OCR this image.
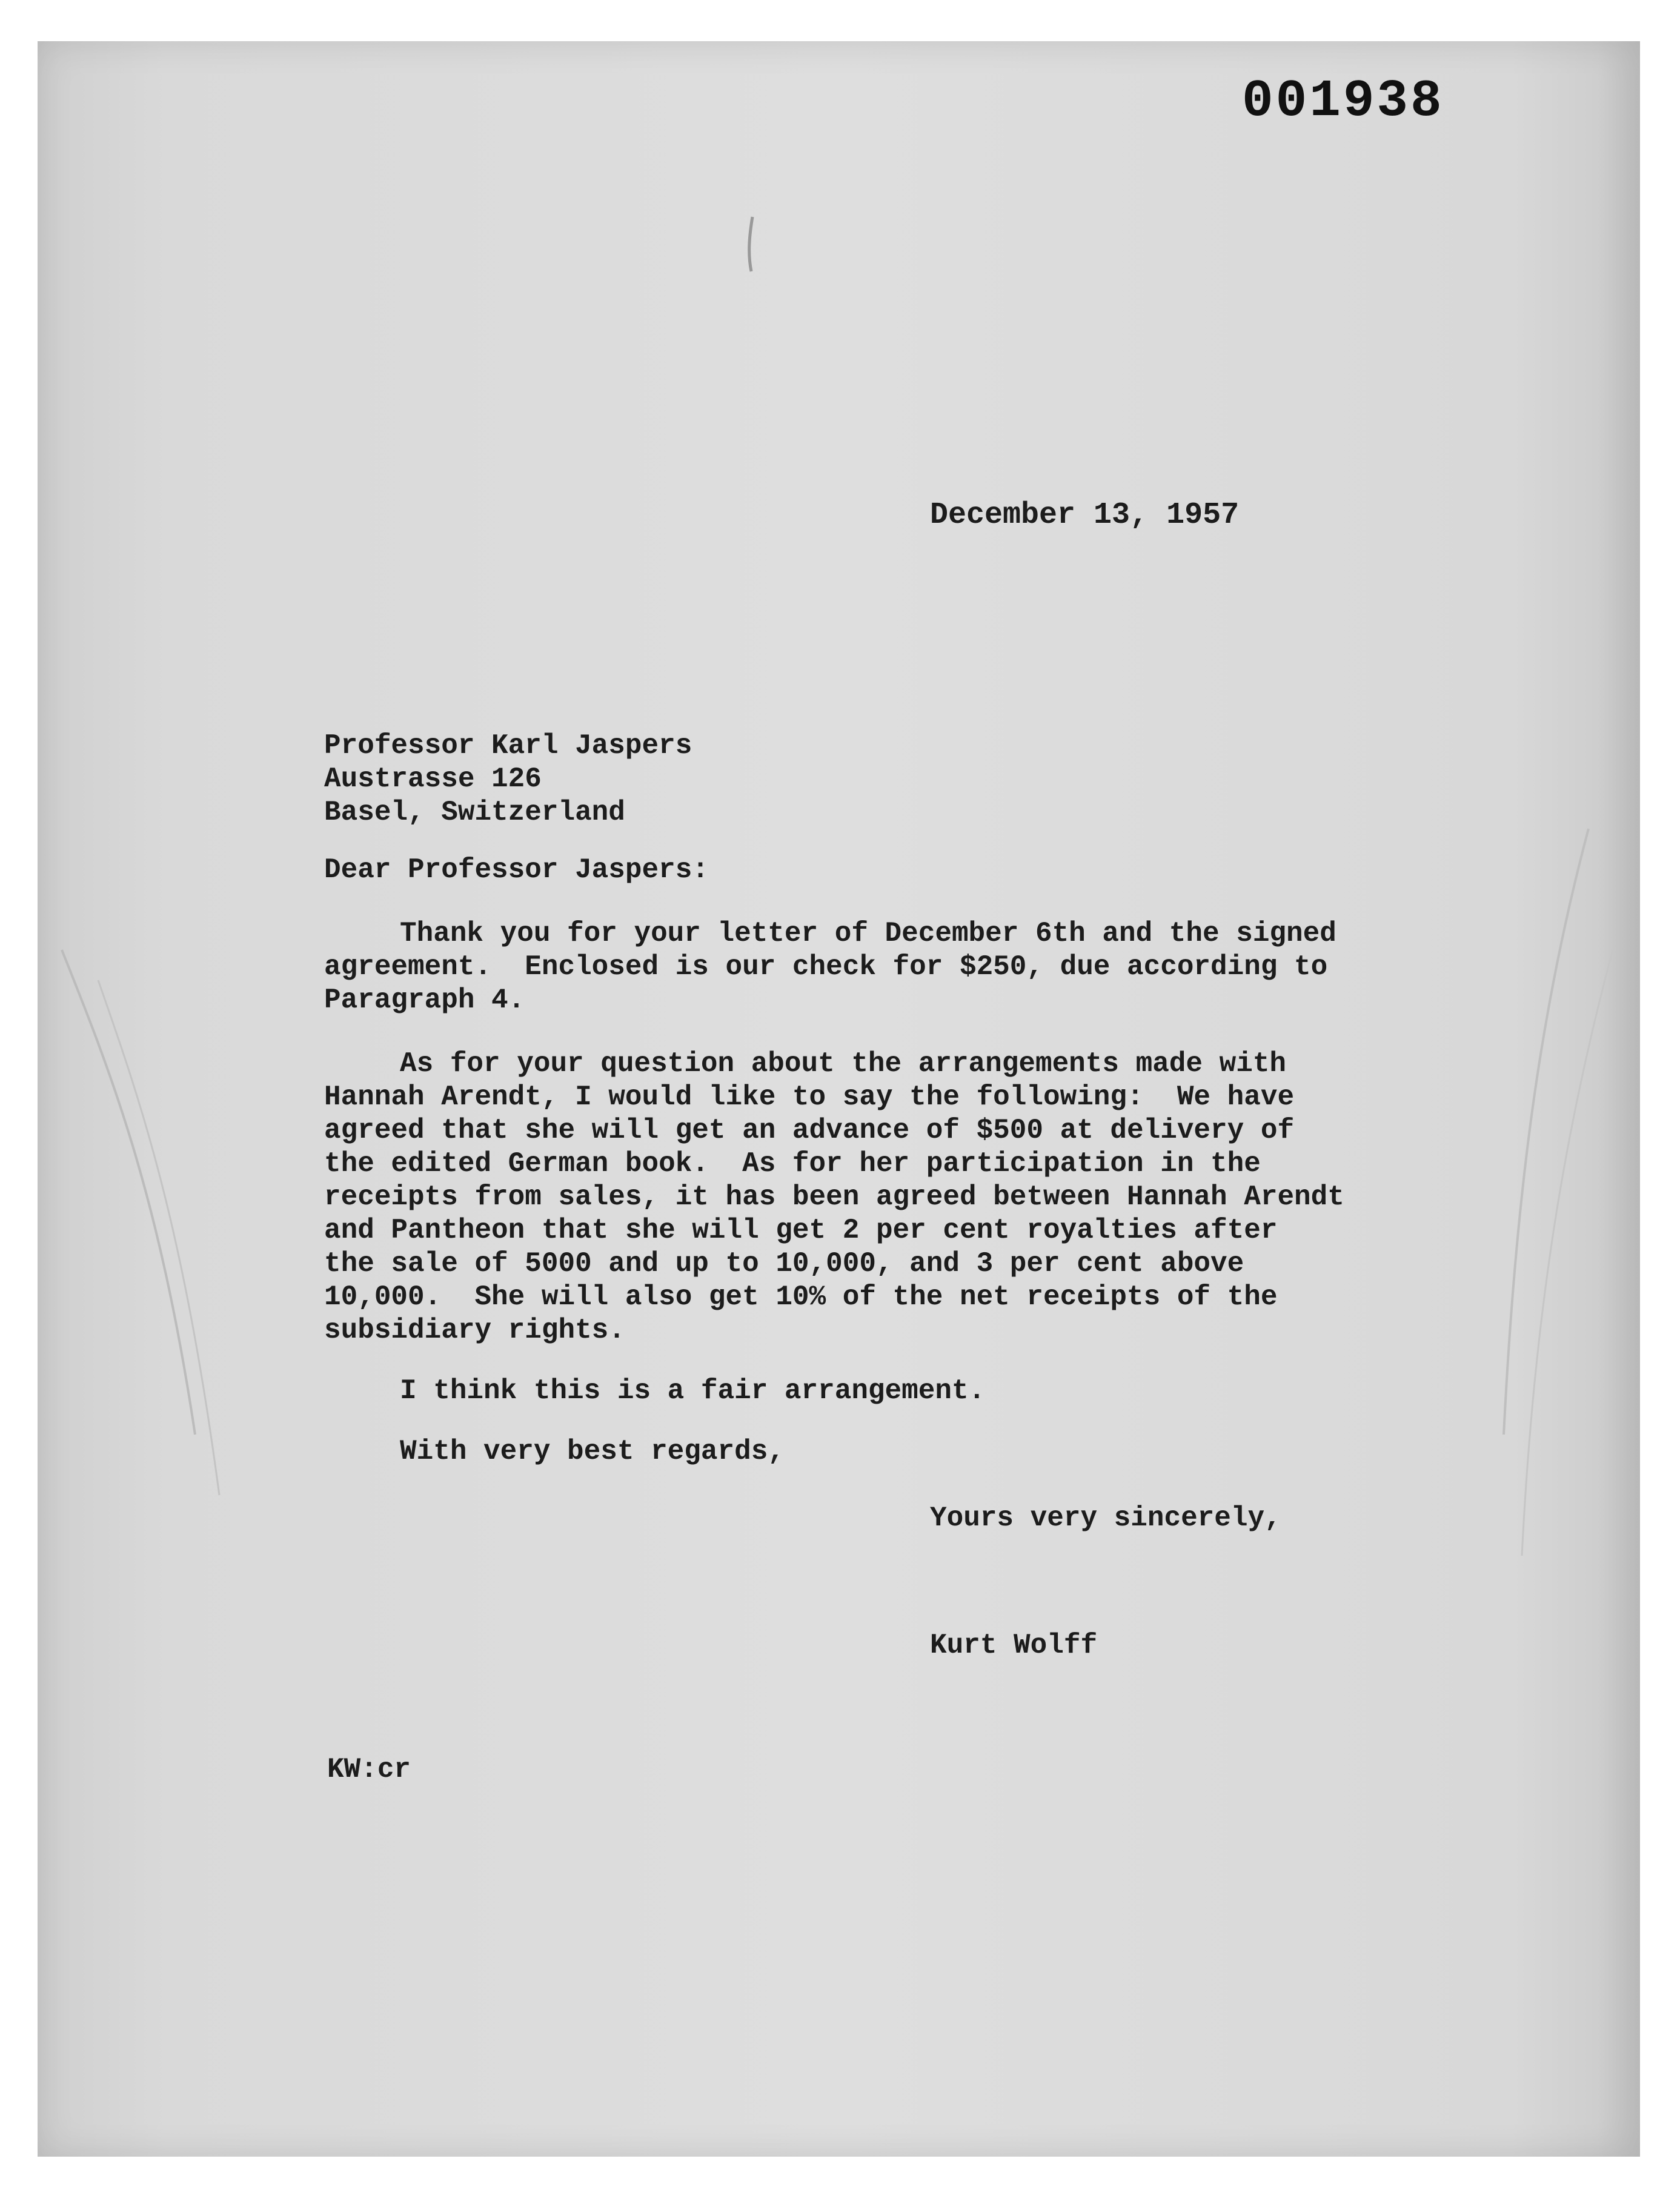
001938
December 13, 1957
Professor Karl Jaspers
Austrasse 126
Basel, Switzerland
Dear Professor Jaspers:
Thank you for your letter of December 6th and the signed
agreement.  Enclosed is our check for $250, due according to
Paragraph 4.
As for your question about the arrangements made with
Hannah Arendt, I would like to say the following:  We have
agreed that she will get an advance of $500 at delivery of
the edited German book.  As for her participation in the
receipts from sales, it has been agreed between Hannah Arendt
and Pantheon that she will get 2 per cent royalties after
the sale of 5000 and up to 10,000, and 3 per cent above
10,000.  She will also get 10% of the net receipts of the
subsidiary rights.
I think this is a fair arrangement.
With very best regards,
Yours very sincerely,
Kurt Wolff
KW:cr
